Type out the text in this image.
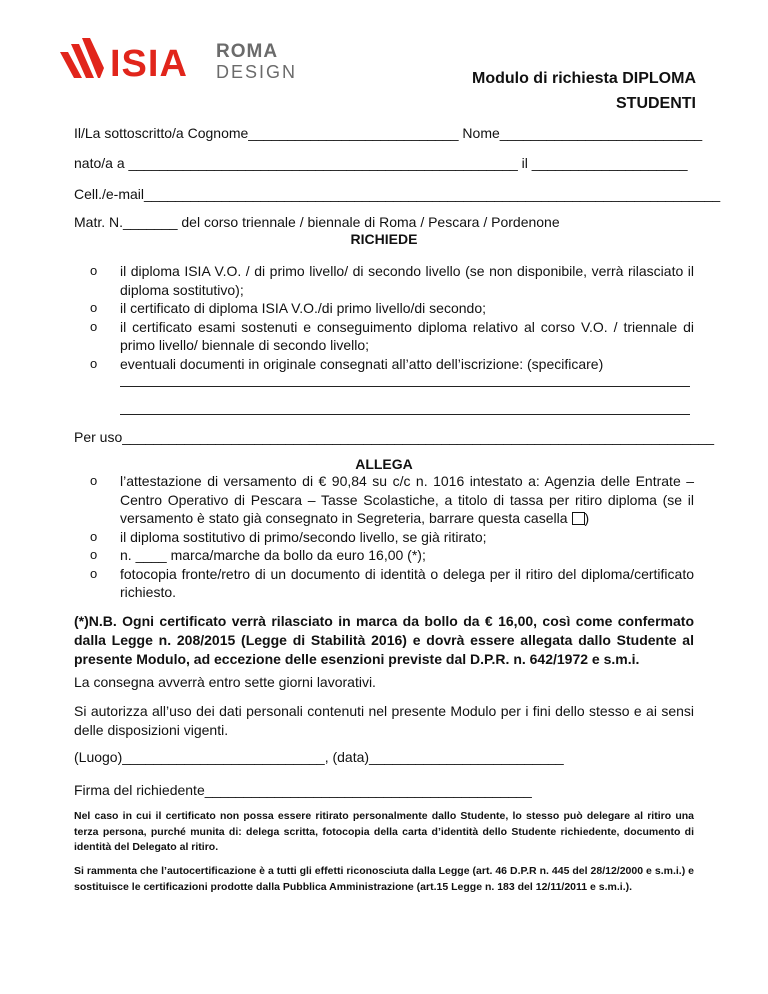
ISIA ROMA
DESIGN	Modulo di richiesta DIPLOMA
STUDENTI
Il/La sottoscritto/a Cognome___________________________ Nome__________________________
nato/a a __________________________________________________ il ____________________
Cell./e-mail__________________________________________________________________________
Matr. N._______ del corso triennale / biennale di Roma / Pescara / Pordenone
RICHIEDE
o il diploma ISIA V.O. / di primo livello/ di secondo livello (se non disponibile, verrà rilasciato il diploma sostitutivo);
o il certificato di diploma ISIA V.O./di primo livello/di secondo;
o il certificato esami sostenuti e conseguimento diploma relativo al corso V.O. / triennale di primo livello/ biennale di secondo livello;
o eventuali documenti in originale consegnati all’atto dell’iscrizione: (specificare)
Per uso____________________________________________________________________________
ALLEGA
o l’attestazione di versamento di € 90,84 su c/c n. 1016 intestato a: Agenzia delle Entrate – Centro Operativo di Pescara – Tasse Scolastiche, a titolo di tassa per ritiro diploma (se il versamento è stato già consegnato in Segreteria, barrare questa casella )
o il diploma sostitutivo di primo/secondo livello, se già ritirato;
o n. ____ marca/marche da bollo da euro 16,00 (*);
o fotocopia fronte/retro di un documento di identità o delega per il ritiro del diploma/certificato richiesto.
(*)N.B. Ogni certificato verrà rilasciato in marca da bollo da € 16,00, così come confermato dalla Legge n. 208/2015 (Legge di Stabilità 2016) e dovrà essere allegata dallo Studente al presente Modulo, ad eccezione delle esenzioni previste dal D.P.R. n. 642/1972 e s.m.i.
La consegna avverrà entro sette giorni lavorativi.
Si autorizza all’uso dei dati personali contenuti nel presente Modulo per i fini dello stesso e ai sensi delle disposizioni vigenti.
(Luogo)__________________________, (data)_________________________
Firma del richiedente__________________________________________
Nel caso in cui il certificato non possa essere ritirato personalmente dallo Studente, lo stesso può delegare al ritiro una terza persona, purché munita di: delega scritta, fotocopia della carta d’identità dello Studente richiedente, documento di identità del Delegato al ritiro.
Si rammenta che l’autocertificazione è a tutti gli effetti riconosciuta dalla Legge (art. 46 D.P.R n. 445 del 28/12/2000 e s.m.i.) e sostituisce le certificazioni prodotte dalla Pubblica Amministrazione (art.15 Legge n. 183 del 12/11/2011 e s.m.i.).
